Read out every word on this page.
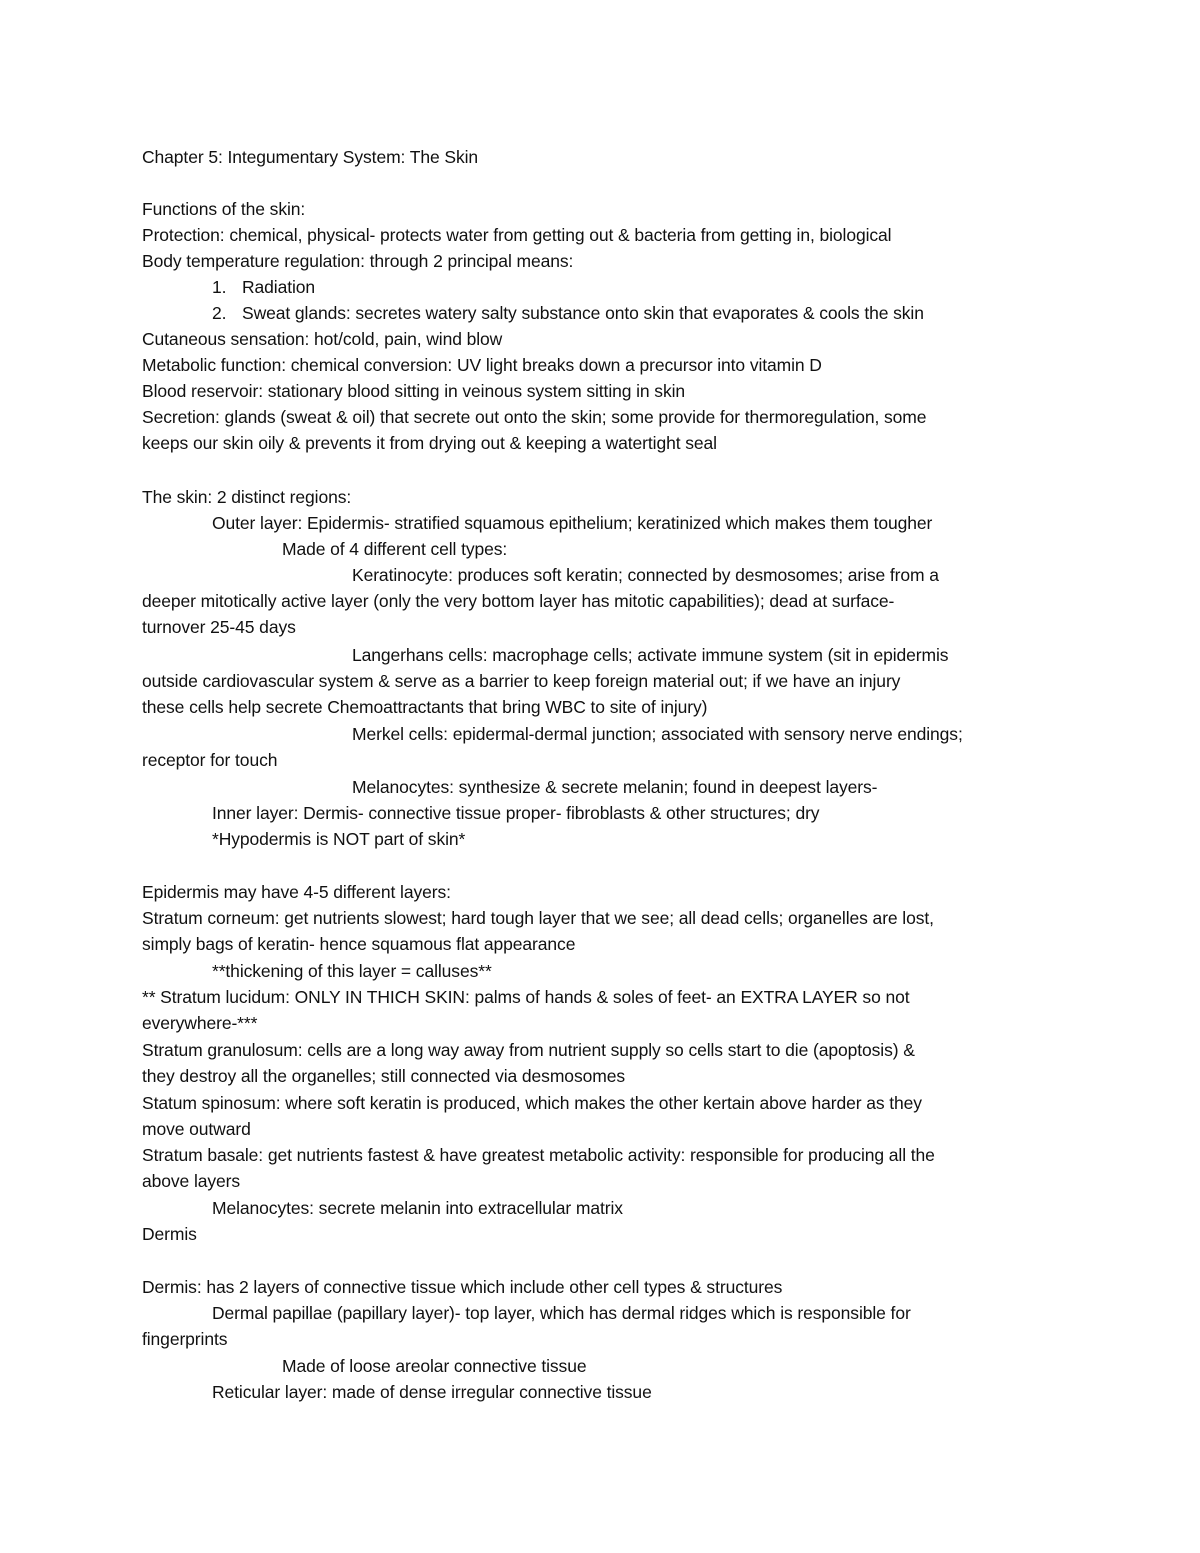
Chapter 5: Integumentary System: The Skin
Functions of the skin:
Protection: chemical, physical- protects water from getting out & bacteria from getting in, biological
Body temperature regulation: through 2 principal means:
1. Radiation
2. Sweat glands: secretes watery salty substance onto skin that evaporates & cools the skin
Cutaneous sensation: hot/cold, pain, wind blow
Metabolic function: chemical conversion: UV light breaks down a precursor into vitamin D
Blood reservoir: stationary blood sitting in veinous system sitting in skin
Secretion: glands (sweat & oil) that secrete out onto the skin; some provide for thermoregulation, some
keeps our skin oily & prevents it from drying out & keeping a watertight seal
The skin: 2 distinct regions:
Outer layer: Epidermis- stratified squamous epithelium; keratinized which makes them tougher
Made of 4 different cell types:
Keratinocyte: produces soft keratin; connected by desmosomes; arise from a
deeper mitotically active layer (only the very bottom layer has mitotic capabilities); dead at surface-
turnover 25-45 days
Langerhans cells: macrophage cells; activate immune system (sit in epidermis
outside cardiovascular system & serve as a barrier to keep foreign material out; if we have an injury
these cells help secrete Chemoattractants that bring WBC to site of injury)
Merkel cells: epidermal-dermal junction; associated with sensory nerve endings;
receptor for touch
Melanocytes: synthesize & secrete melanin; found in deepest layers-
Inner layer: Dermis- connective tissue proper- fibroblasts & other structures; dry
*Hypodermis is NOT part of skin*
Epidermis may have 4-5 different layers:
Stratum corneum: get nutrients slowest; hard tough layer that we see; all dead cells; organelles are lost,
simply bags of keratin- hence squamous flat appearance
**thickening of this layer = calluses**
** Stratum lucidum: ONLY IN THICH SKIN: palms of hands & soles of feet- an EXTRA LAYER so not
everywhere-***
Stratum granulosum: cells are a long way away from nutrient supply so cells start to die (apoptosis) &
they destroy all the organelles; still connected via desmosomes
Statum spinosum: where soft keratin is produced, which makes the other kertain above harder as they
move outward
Stratum basale: get nutrients fastest & have greatest metabolic activity: responsible for producing all the
above layers
Melanocytes: secrete melanin into extracellular matrix
Dermis
Dermis: has 2 layers of connective tissue which include other cell types & structures
Dermal papillae (papillary layer)- top layer, which has dermal ridges which is responsible for
fingerprints
Made of loose areolar connective tissue
Reticular layer: made of dense irregular connective tissue
